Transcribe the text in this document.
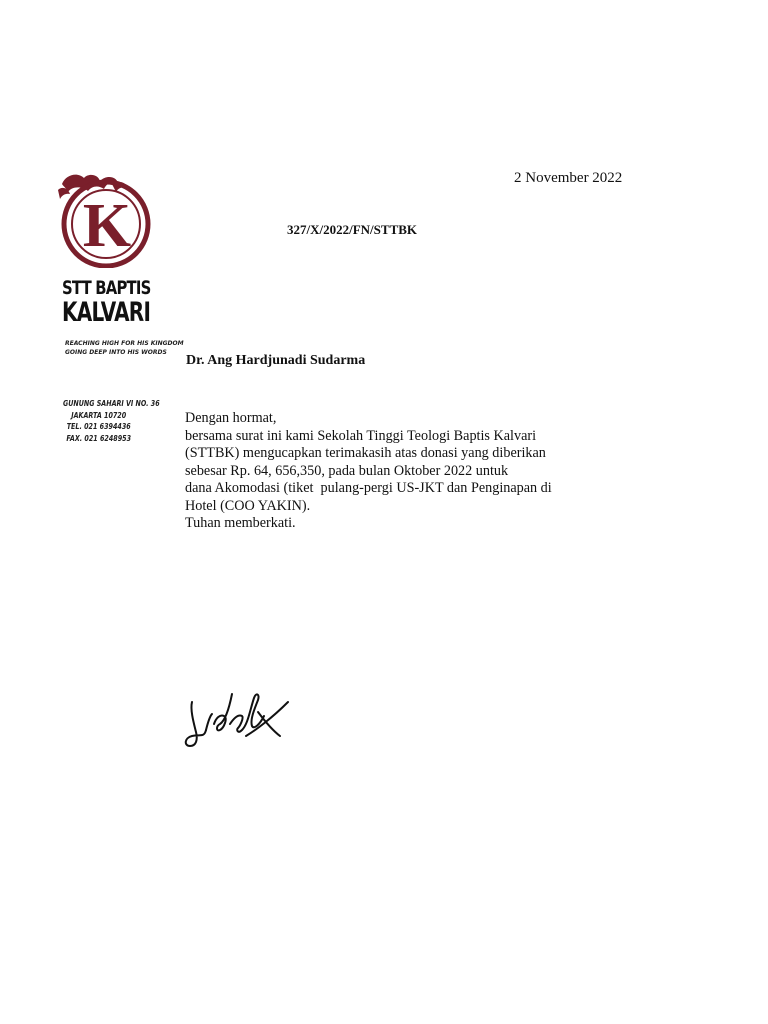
K
STT BAPTIS
KALVARI
REACHING HIGH FOR HIS KINGDOM
GOING DEEP INTO HIS WORDS
GUNUNG SAHARI VI NO. 36
JAKARTA 10720
TEL. 021 6394436
FAX. 021 6248953
2 November 2022
327/X/2022/FN/STTBK
Dr. Ang Hardjunadi Sudarma
Dengan hormat,
bersama surat ini kami Sekolah Tinggi Teologi Baptis Kalvari
(STTBK) mengucapkan terimakasih atas donasi yang diberikan
sebesar Rp. 64, 656,350, pada bulan Oktober 2022 untuk
dana Akomodasi (tiket  pulang-pergi US-JKT dan Penginapan di
Hotel (COO YAKIN).
Tuhan memberkati.
